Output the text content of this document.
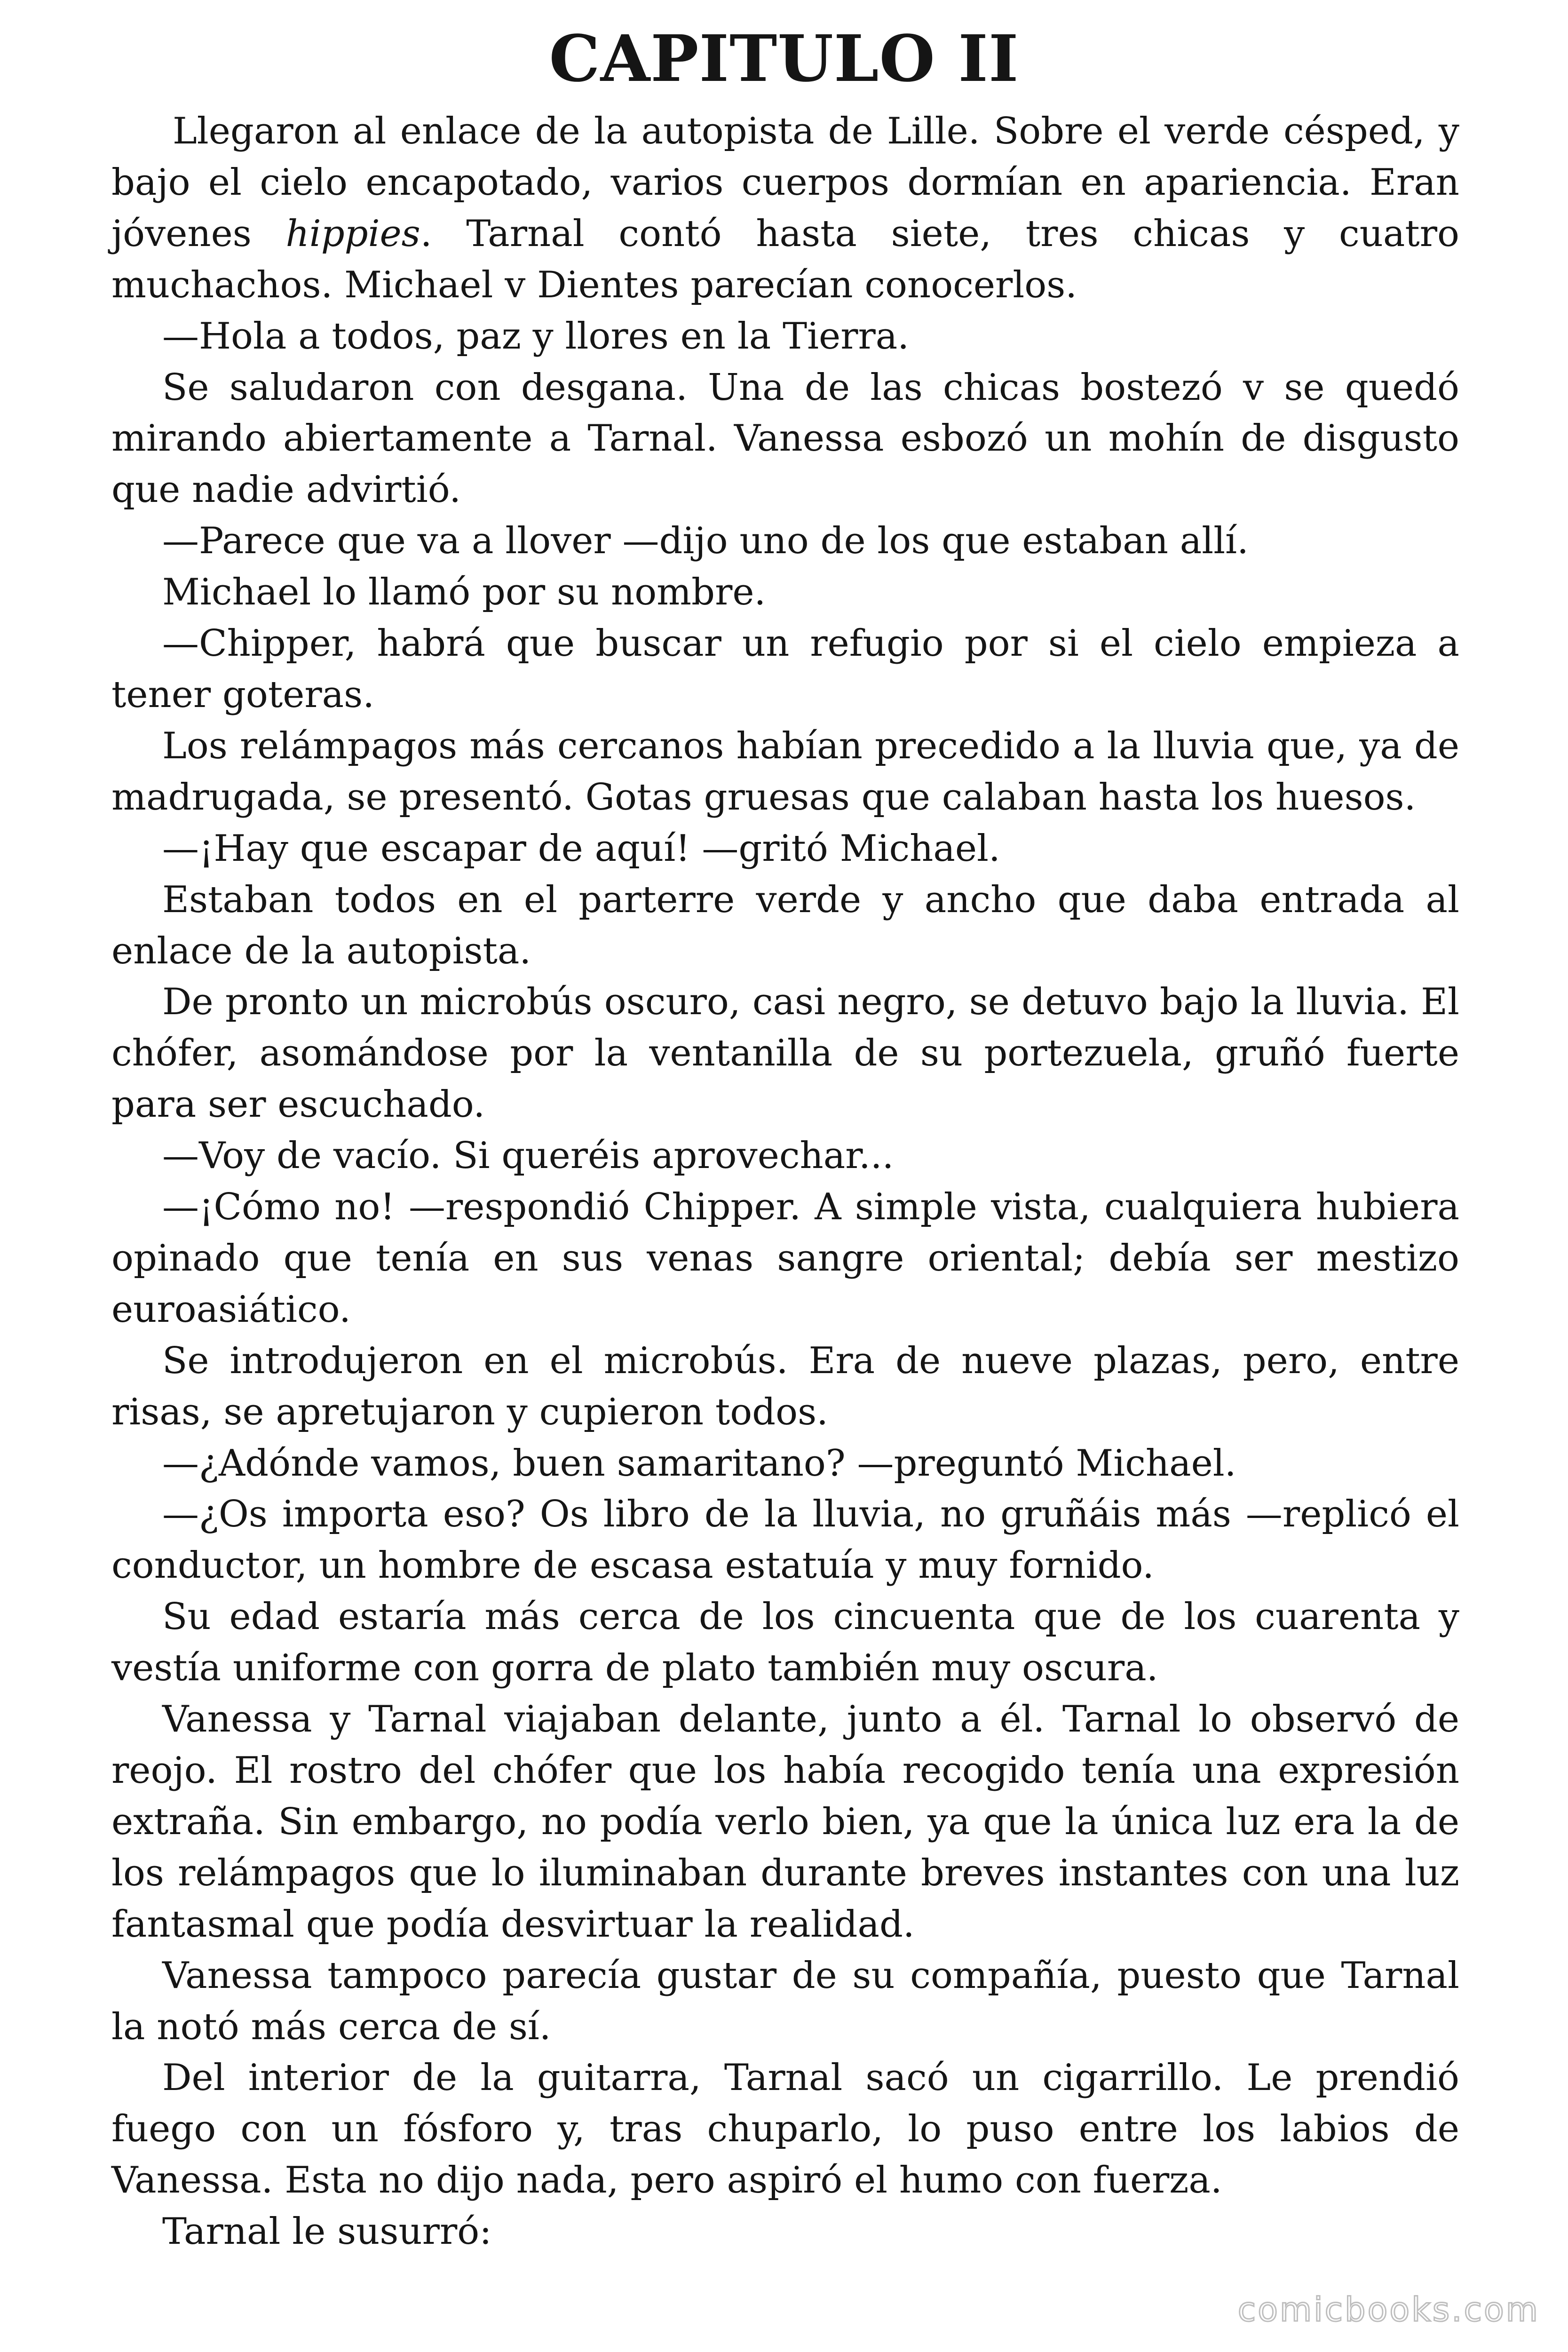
CAPITULO II

Llegaron al enlace de la autopista de Lille. Sobre el verde césped, y bajo el cielo encapotado, varios cuerpos dormían en apariencia. Eran jóvenes hippies. Tarnal contó hasta siete, tres chicas y cuatro muchachos. Michael v Dientes parecían conocerlos.

—Hola a todos, paz y llores en la Tierra.

Se saludaron con desgana. Una de las chicas bostezó v se quedó mirando abiertamente a Tarnal. Vanessa esbozó un mohín de disgusto que nadie advirtió.

—Parece que va a llover —dijo uno de los que estaban allí.

Michael lo llamó por su nombre.

—Chipper, habrá que buscar un refugio por si el cielo empieza a tener goteras.

Los relámpagos más cercanos habían precedido a la lluvia que, ya de madrugada, se presentó. Gotas gruesas que calaban hasta los huesos.

—¡Hay que escapar de aquí! —gritó Michael.

Estaban todos en el parterre verde y ancho que daba entrada al enlace de la autopista.

De pronto un microbús oscuro, casi negro, se detuvo bajo la lluvia. El chófer, asomándose por la ventanilla de su portezuela, gruñó fuerte para ser escuchado.

—Voy de vacío. Si queréis aprovechar...

—¡Cómo no! —respondió Chipper. A simple vista, cualquiera hubiera opinado que tenía en sus venas sangre oriental; debía ser mestizo euroasiático.

Se introdujeron en el microbús. Era de nueve plazas, pero, entre risas, se apretujaron y cupieron todos.

—¿Adónde vamos, buen samaritano? —preguntó Michael.

—¿Os importa eso? Os libro de la lluvia, no gruñáis más —replicó el conductor, un hombre de escasa estatuía y muy fornido.

Su edad estaría más cerca de los cincuenta que de los cuarenta y vestía uniforme con gorra de plato también muy oscura.

Vanessa y Tarnal viajaban delante, junto a él. Tarnal lo observó de reojo. El rostro del chófer que los había recogido tenía una expresión extraña. Sin embargo, no podía verlo bien, ya que la única luz era la de los relámpagos que lo iluminaban durante breves instantes con una luz fantasmal que podía desvirtuar la realidad.

Vanessa tampoco parecía gustar de su compañía, puesto que Tarnal la notó más cerca de sí.

Del interior de la guitarra, Tarnal sacó un cigarrillo. Le prendió fuego con un fósforo y, tras chuparlo, lo puso entre los labios de Vanessa. Esta no dijo nada, pero aspiró el humo con fuerza.

Tarnal le susurró:

comicbooks.com
